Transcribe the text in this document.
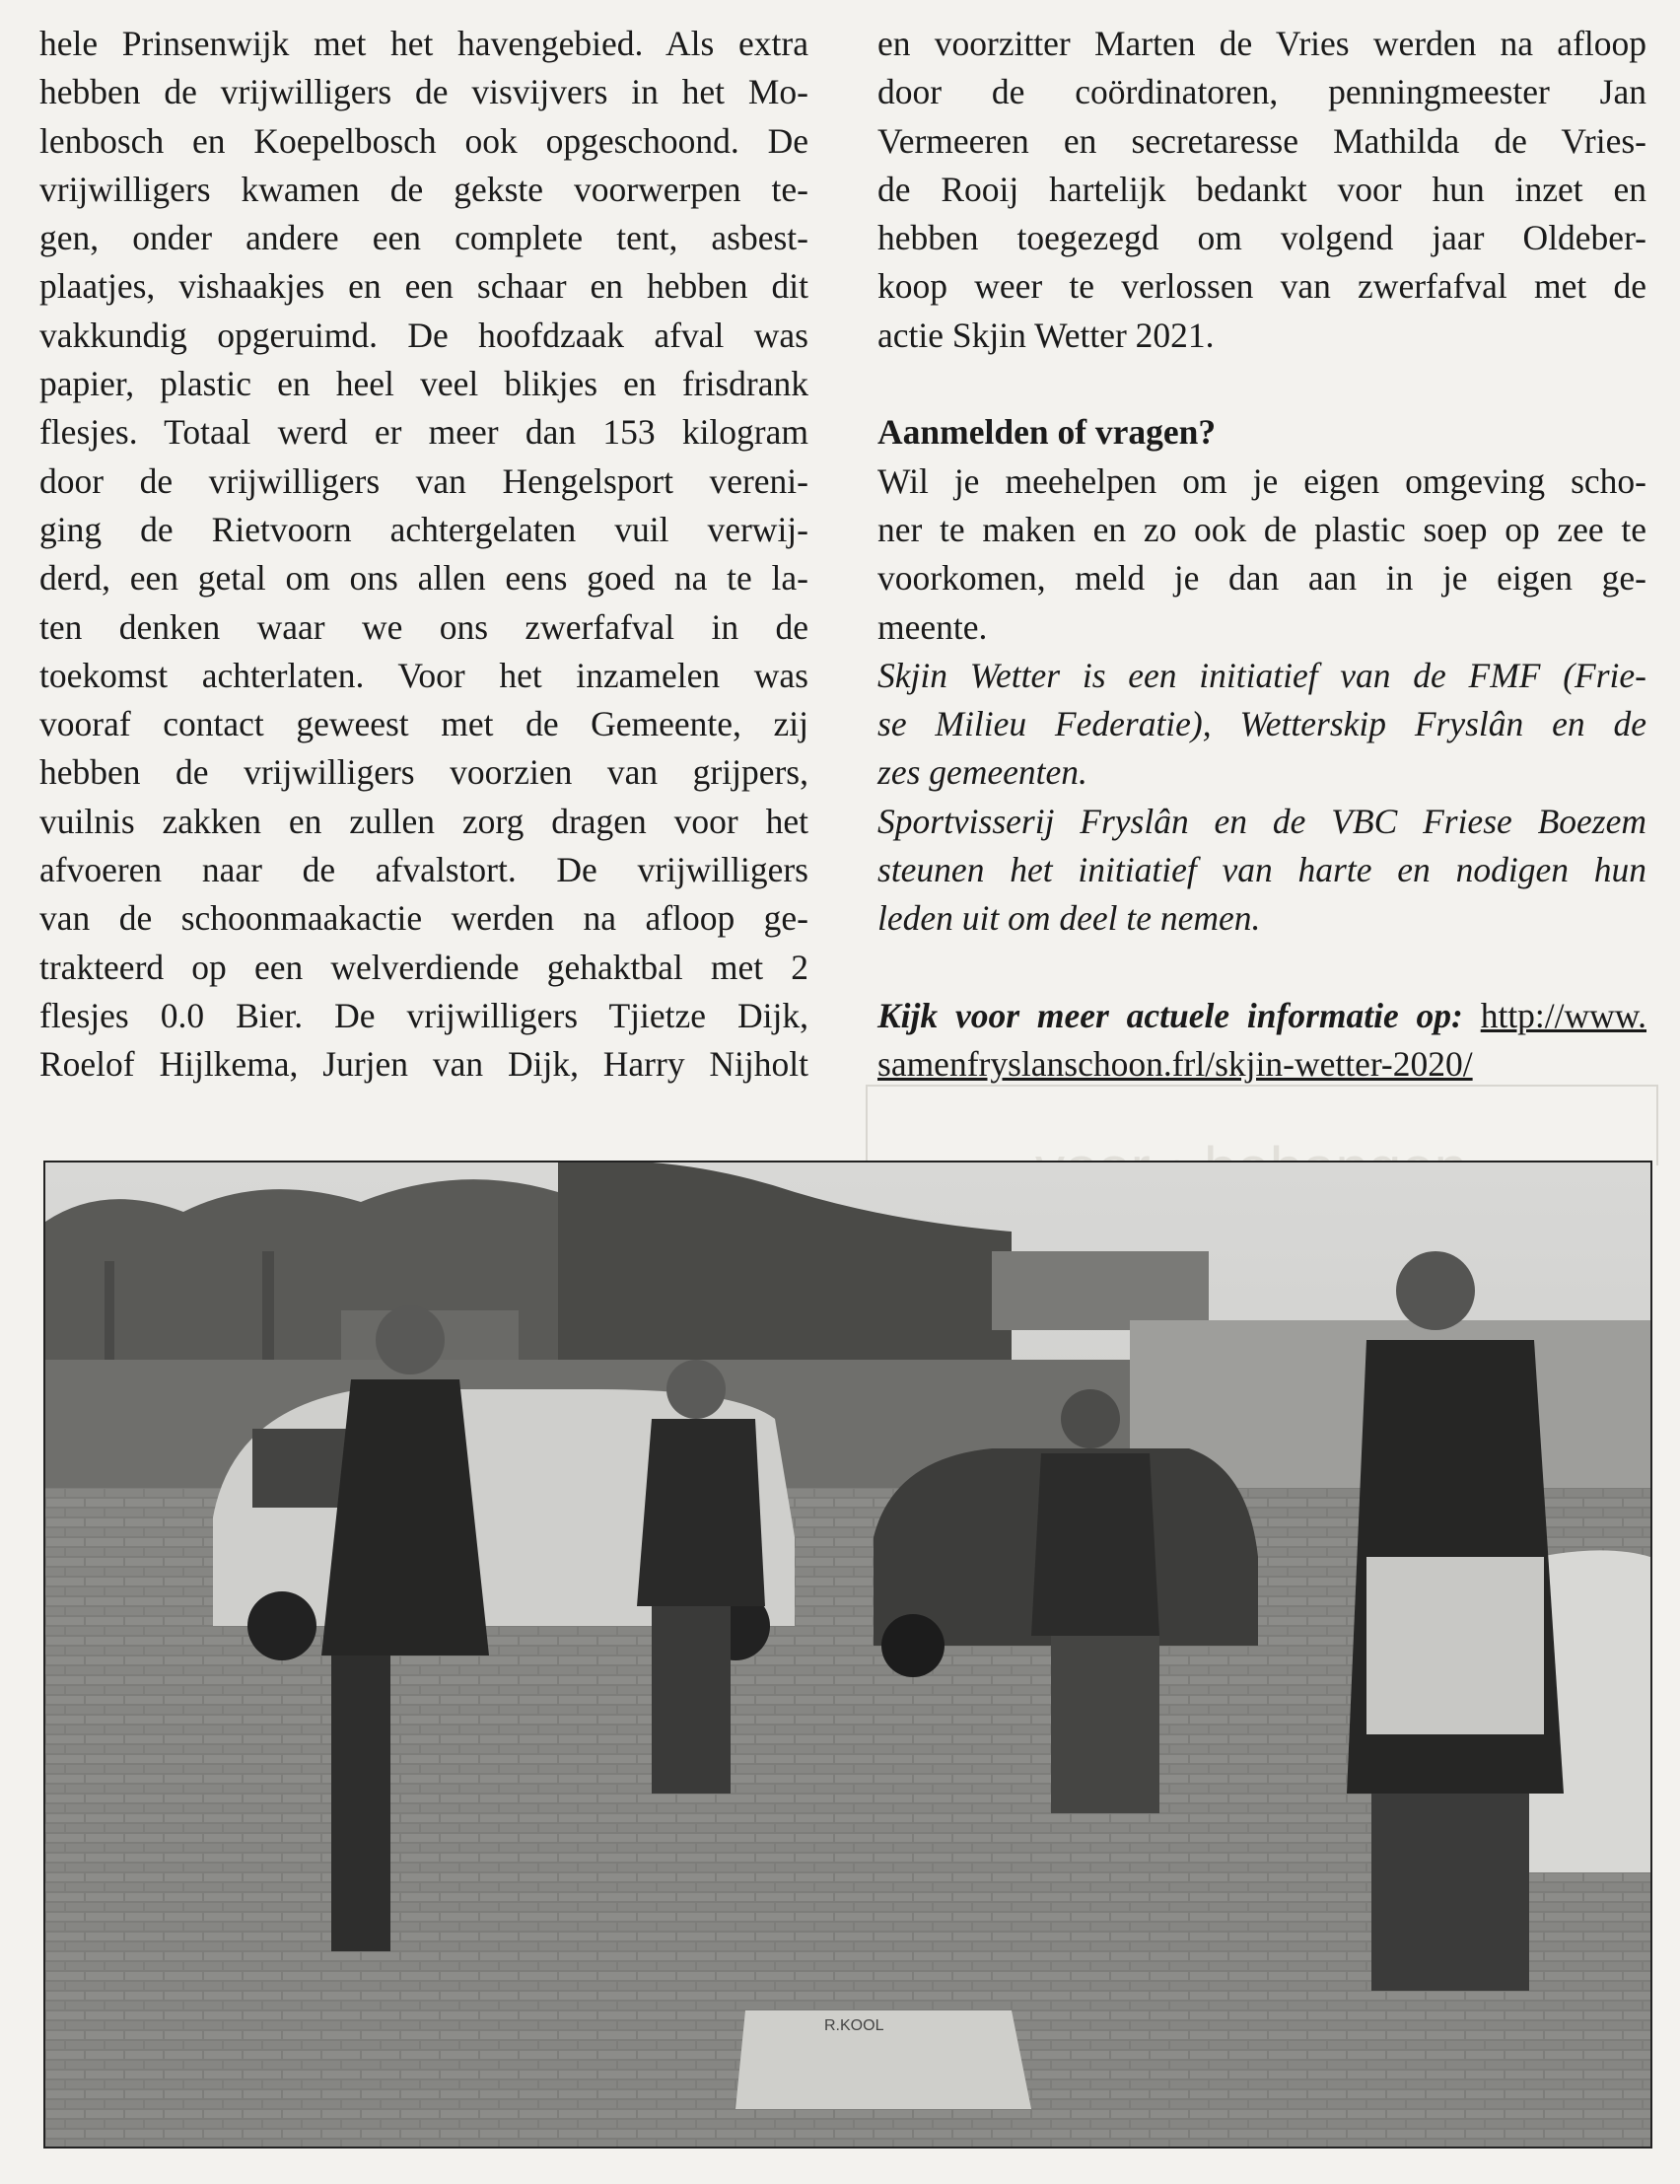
hele Prinsenwijk met het havengebied. Als extra
hebben de vrijwilligers de visvijvers in het Mo-
lenbosch en Koepelbosch ook opgeschoond. De
vrijwilligers kwamen de gekste voorwerpen te-
gen, onder andere een complete tent, asbest-
plaatjes, vishaakjes en een schaar en hebben dit
vakkundig opgeruimd. De hoofdzaak afval was
papier, plastic en heel veel blikjes en frisdrank
flesjes. Totaal werd er meer dan 153 kilogram
door de vrijwilligers van Hengelsport vereni-
ging de Rietvoorn achtergelaten vuil verwij-
derd, een getal om ons allen eens goed na te la-
ten denken waar we ons zwerfafval in de
toekomst achterlaten. Voor het inzamelen was
vooraf contact geweest met de Gemeente, zij
hebben de vrijwilligers voorzien van grijpers,
vuilnis zakken en zullen zorg dragen voor het
afvoeren naar de afvalstort. De vrijwilligers
van de schoonmaakactie werden na afloop ge-
trakteerd op een welverdiende gehaktbal met 2
flesjes 0.0 Bier. De vrijwilligers Tjietze Dijk,
Roelof Hijlkema, Jurjen van Dijk, Harry Nijholt
en voorzitter Marten de Vries werden na afloop
door de coördinatoren, penningmeester Jan
Vermeeren en secretaresse Mathilda de Vries-
de Rooij hartelijk bedankt voor hun inzet en
hebben toegezegd om volgend jaar Oldeber-
koop weer te verlossen van zwerfafval met de
actie Skjin Wetter 2021.
Aanmelden of vragen?
Wil je meehelpen om je eigen omgeving scho-
ner te maken en zo ook de plastic soep op zee te
voorkomen, meld je dan aan in je eigen ge-
meente.
Skjin Wetter is een initiatief van de FMF (Frie-
se Milieu Federatie), Wetterskip Fryslân en de
zes gemeenten.
Sportvisserij Fryslân en de VBC Friese Boezem
steunen het initiatief van harte en nodigen hun
leden uit om deel te nemen.
Kijk voor meer actuele informatie op: http://www.
samenfryslanschoon.frl/skjin-wetter-2020/
R.KOOL
